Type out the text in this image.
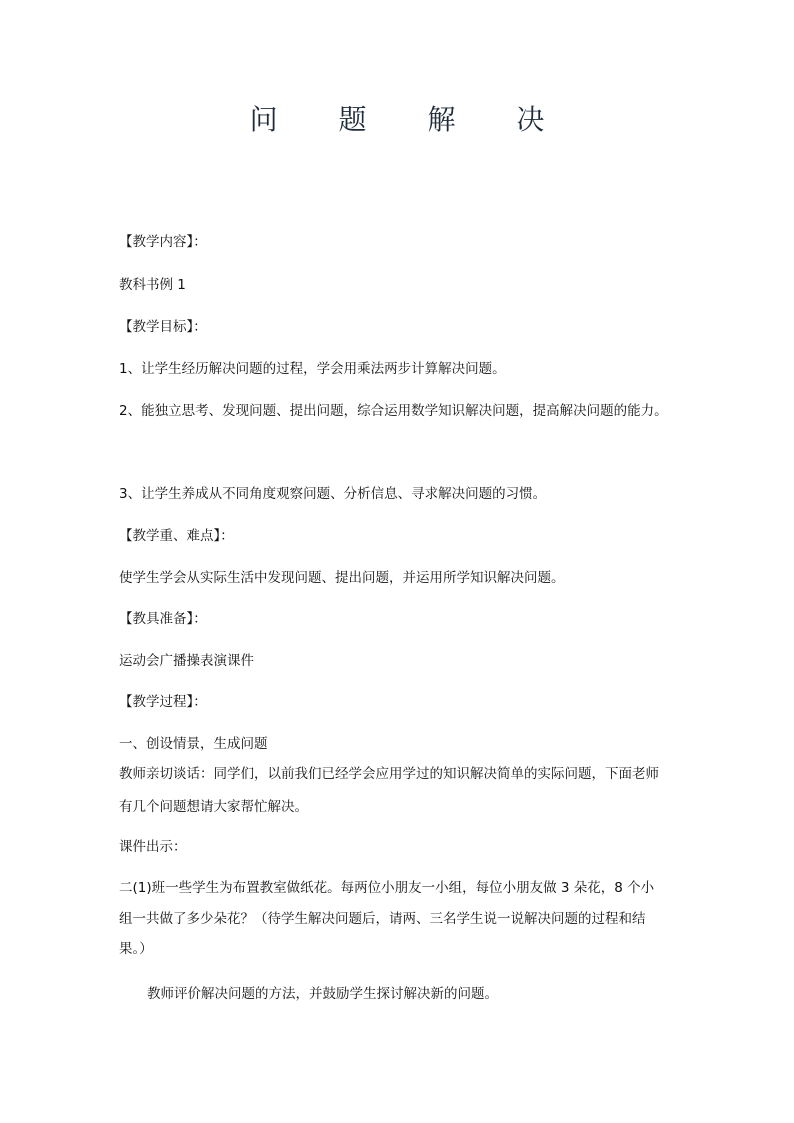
问 题 解 决
【教学内容】：
教科书例 1
【教学目标】：
1、让学生经历解决问题的过程，学会用乘法两步计算解决问题。
2、能独立思考、发现问题、提出问题，综合运用数学知识解决问题，提高解决问题的能力。
3、让学生养成从不同角度观察问题、分析信息、寻求解决问题的习惯。
【教学重、难点】：
使学生学会从实际生活中发现问题、提出问题，并运用所学知识解决问题。
【教具准备】：
运动会广播操表演课件
【教学过程】：
一、创设情景，生成问题
教师亲切谈话：同学们，以前我们已经学会应用学过的知识解决简单的实际问题，下面老师
有几个问题想请大家帮忙解决。
课件出示：
二(1)班一些学生为布置教室做纸花。每两位小朋友一小组，每位小朋友做 3 朵花，8 个小
组一共做了多少朵花？（待学生解决问题后，请两、三名学生说一说解决问题的过程和结
果。）
教师评价解决问题的方法，并鼓励学生探讨解决新的问题。
